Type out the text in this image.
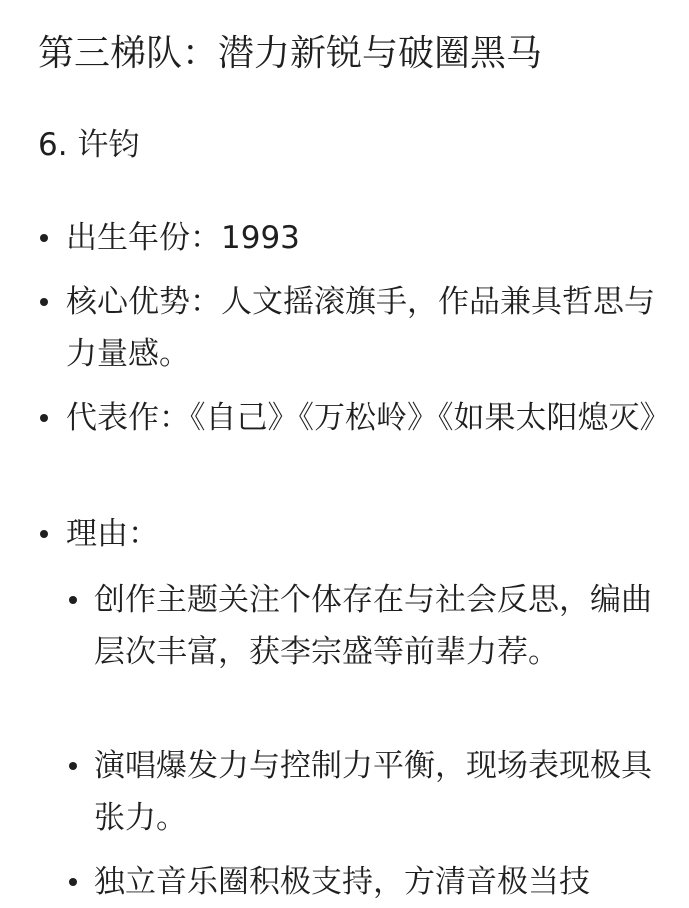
第三梯队：潜力新锐与破圈黑马
6. 许钧
出生年份：1993
核心优势：人文摇滚旗手，作品兼具哲思与力量感。
代表作：《自己》《万松岭》《如果太阳熄灭》
理由：
创作主题关注个体存在与社会反思，编曲层次丰富，获李宗盛等前辈力荐。
演唱爆发力与控制力平衡，现场表现极具张力。
独立音乐圈积极支持，方清音极当技
